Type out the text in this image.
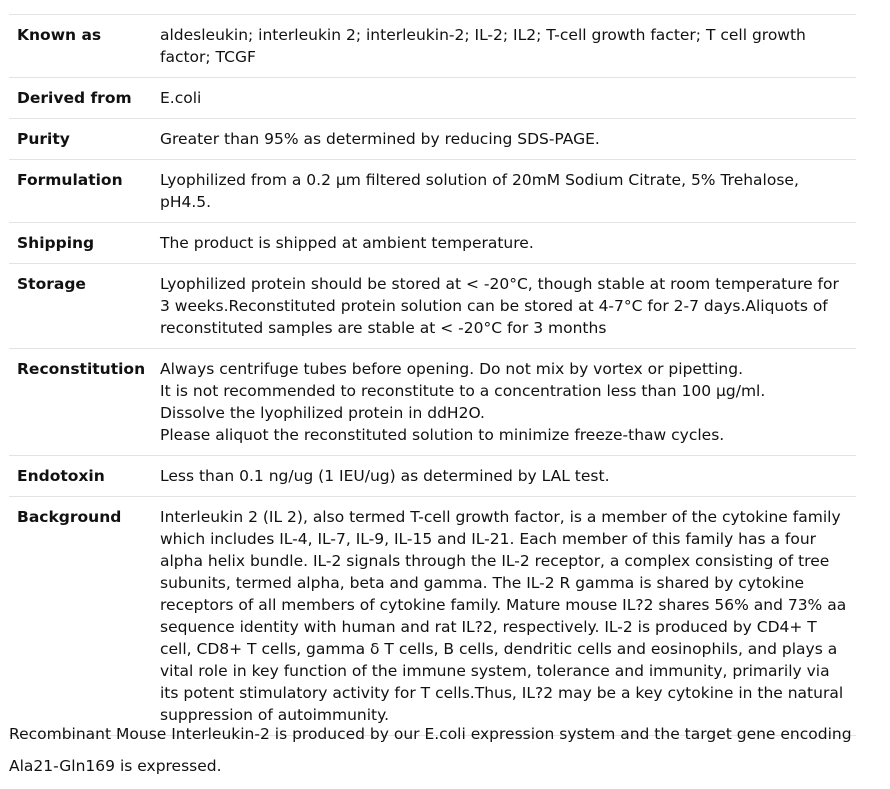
Known as	aldesleukin; interleukin 2; interleukin-2; IL-2; IL2; T-cell growth facter; T cell growth factor; TCGF
Derived from	E.coli
Purity	Greater than 95% as determined by reducing SDS-PAGE.
Formulation	Lyophilized from a 0.2 μm filtered solution of 20mM Sodium Citrate, 5% Trehalose, pH4.5.
Shipping	The product is shipped at ambient temperature.
Storage	Lyophilized protein should be stored at < -20°C, though stable at room temperature for 3 weeks.Reconstituted protein solution can be stored at 4-7°C for 2-7 days.Aliquots of reconstituted samples are stable at < -20°C for 3 months
Reconstitution	Always centrifuge tubes before opening. Do not mix by vortex or pipetting.
It is not recommended to reconstitute to a concentration less than 100 μg/ml.
Dissolve the lyophilized protein in ddH2O.
Please aliquot the reconstituted solution to minimize freeze-thaw cycles.

Endotoxin	Less than 0.1 ng/ug (1 IEU/ug) as determined by LAL test.
Background	Interleukin 2 (IL 2), also termed T-cell growth factor, is a member of the cytokine family which includes IL-4, IL-7, IL-9, IL-15 and IL-21. Each member of this family has a four alpha helix bundle. IL-2 signals through the IL-2 receptor, a complex consisting of tree subunits, termed alpha, beta and gamma. The IL-2 R gamma is shared by cytokine receptors of all members of cytokine family. Mature mouse IL?2 shares 56% and 73% aa sequence identity with human and rat IL?2, respectively. IL-2 is produced by CD4+ T cell, CD8+ T cells, gamma δ T cells, B cells, dendritic cells and eosinophils, and plays a vital role in key function of the immune system, tolerance and immunity, primarily via its potent stimulatory activity for T cells.Thus, IL?2 may be a key cytokine in the natural suppression of autoimmunity.

Recombinant Mouse Interleukin-2 is produced by our E.coli expression system and the target gene encoding Ala21-Gln169 is expressed.
